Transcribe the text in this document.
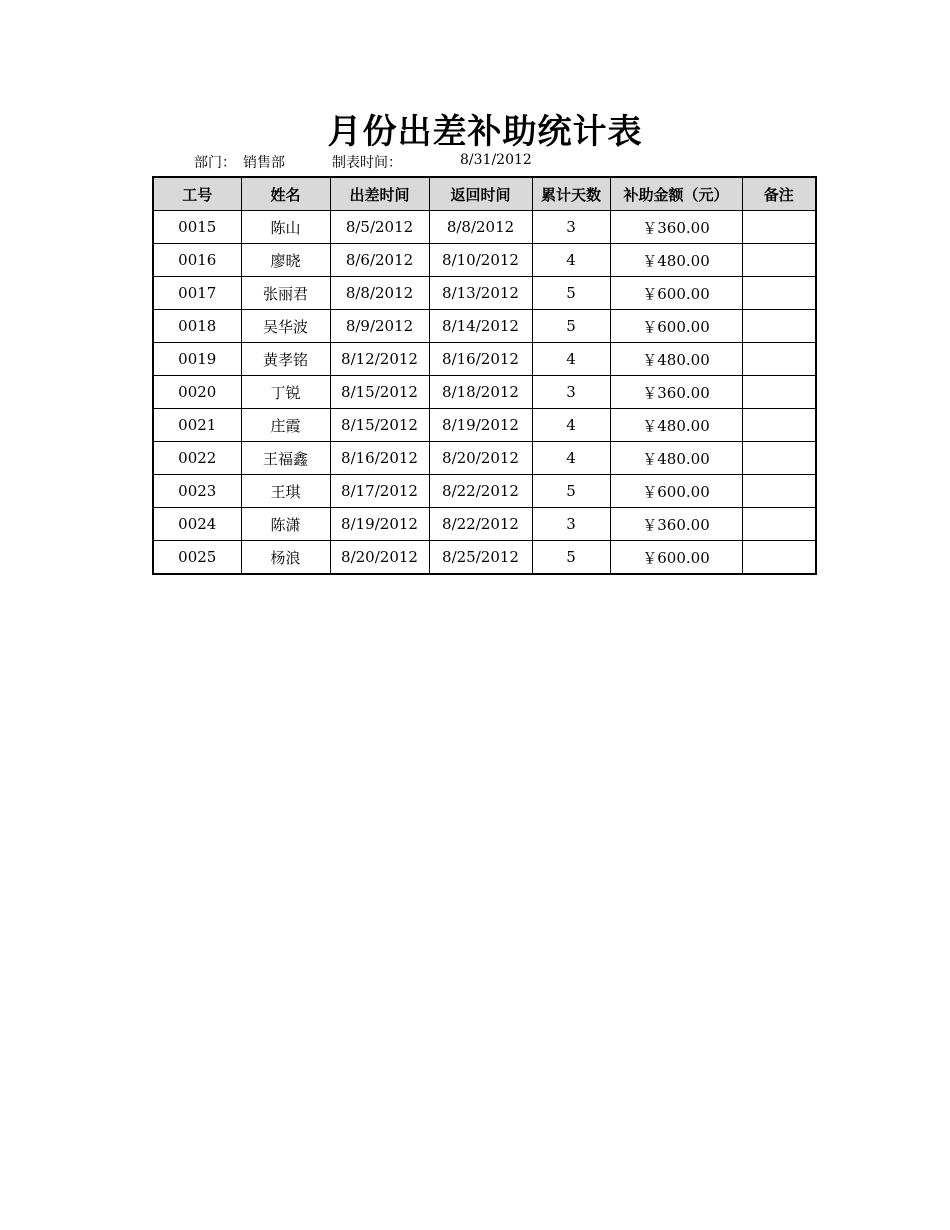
月份出差补助统计表
部门： 销售部	制表时间：	8/31/2012
工号	姓名	出差时间	返回时间	累计天数	补助金额（元）	备注
0015	陈山	8/5/2012	8/8/2012	3	￥360.00	
0016	廖晓	8/6/2012	8/10/2012	4	￥480.00	
0017	张丽君	8/8/2012	8/13/2012	5	￥600.00	
0018	吴华波	8/9/2012	8/14/2012	5	￥600.00	
0019	黄孝铭	8/12/2012	8/16/2012	4	￥480.00	
0020	丁锐	8/15/2012	8/18/2012	3	￥360.00	
0021	庄霞	8/15/2012	8/19/2012	4	￥480.00	
0022	王福鑫	8/16/2012	8/20/2012	4	￥480.00	
0023	王琪	8/17/2012	8/22/2012	5	￥600.00	
0024	陈潇	8/19/2012	8/22/2012	3	￥360.00	
0025	杨浪	8/20/2012	8/25/2012	5	￥600.00	
